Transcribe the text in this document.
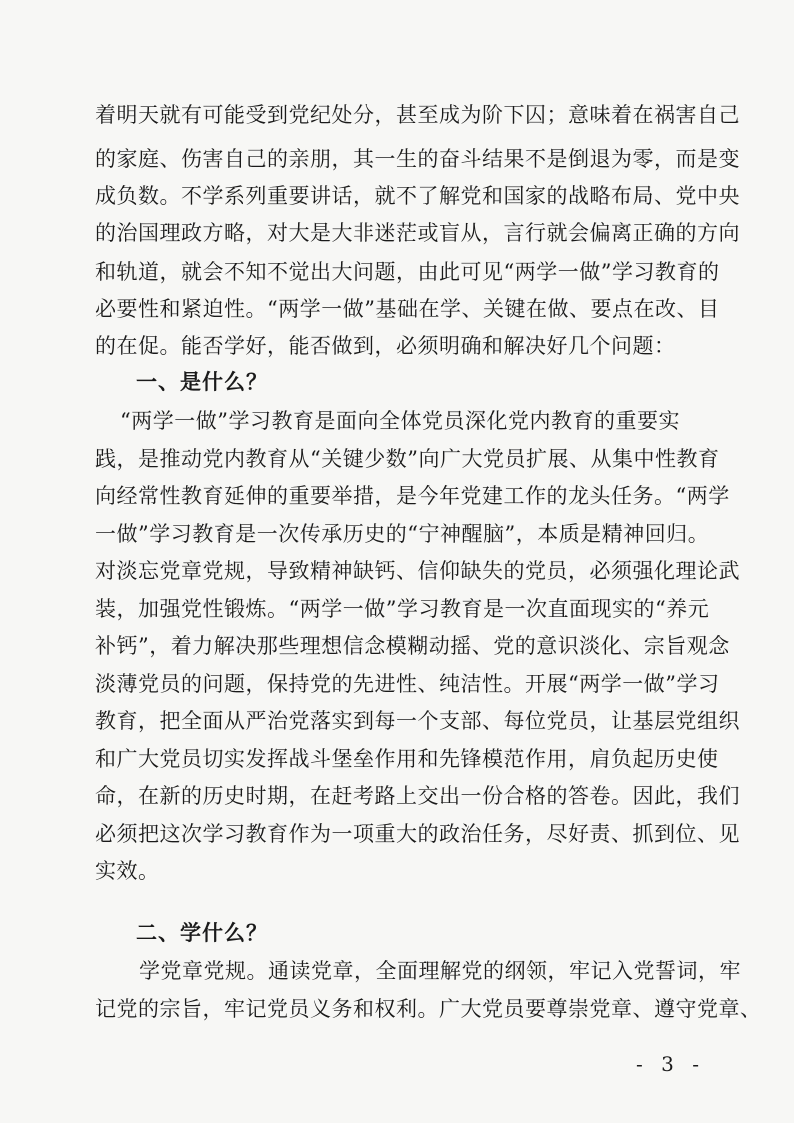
着明天就有可能受到党纪处分，甚至成为阶下囚；意味着在祸害自己
的家庭、伤害自己的亲朋，其一生的奋斗结果不是倒退为零，而是变
成负数。不学系列重要讲话，就不了解党和国家的战略布局、党中央
的治国理政方略，对大是大非迷茫或盲从，言行就会偏离正确的方向
和轨道，就会不知不觉出大问题，由此可见“两学一做”学习教育的
必要性和紧迫性。“两学一做”基础在学、关键在做、要点在改、目
的在促。能否学好，能否做到，必须明确和解决好几个问题：
一、是什么？
“两学一做”学习教育是面向全体党员深化党内教育的重要实
践，是推动党内教育从“关键少数”向广大党员扩展、从集中性教育
向经常性教育延伸的重要举措，是今年党建工作的龙头任务。“两学
一做”学习教育是一次传承历史的“宁神醒脑”，本质是精神回归。
对淡忘党章党规，导致精神缺钙、信仰缺失的党员，必须强化理论武
装，加强党性锻炼。“两学一做”学习教育是一次直面现实的“养元
补钙”，着力解决那些理想信念模糊动摇、党的意识淡化、宗旨观念
淡薄党员的问题，保持党的先进性、纯洁性。开展“两学一做”学习
教育，把全面从严治党落实到每一个支部、每位党员，让基层党组织
和广大党员切实发挥战斗堡垒作用和先锋模范作用，肩负起历史使
命，在新的历史时期，在赶考路上交出一份合格的答卷。因此，我们
必须把这次学习教育作为一项重大的政治任务，尽好责、抓到位、见
实效。
二、学什么？
学党章党规。通读党章，全面理解党的纲领，牢记入党誓词，牢
记党的宗旨，牢记党员义务和权利。广大党员要尊崇党章、遵守党章、
- 3 -
